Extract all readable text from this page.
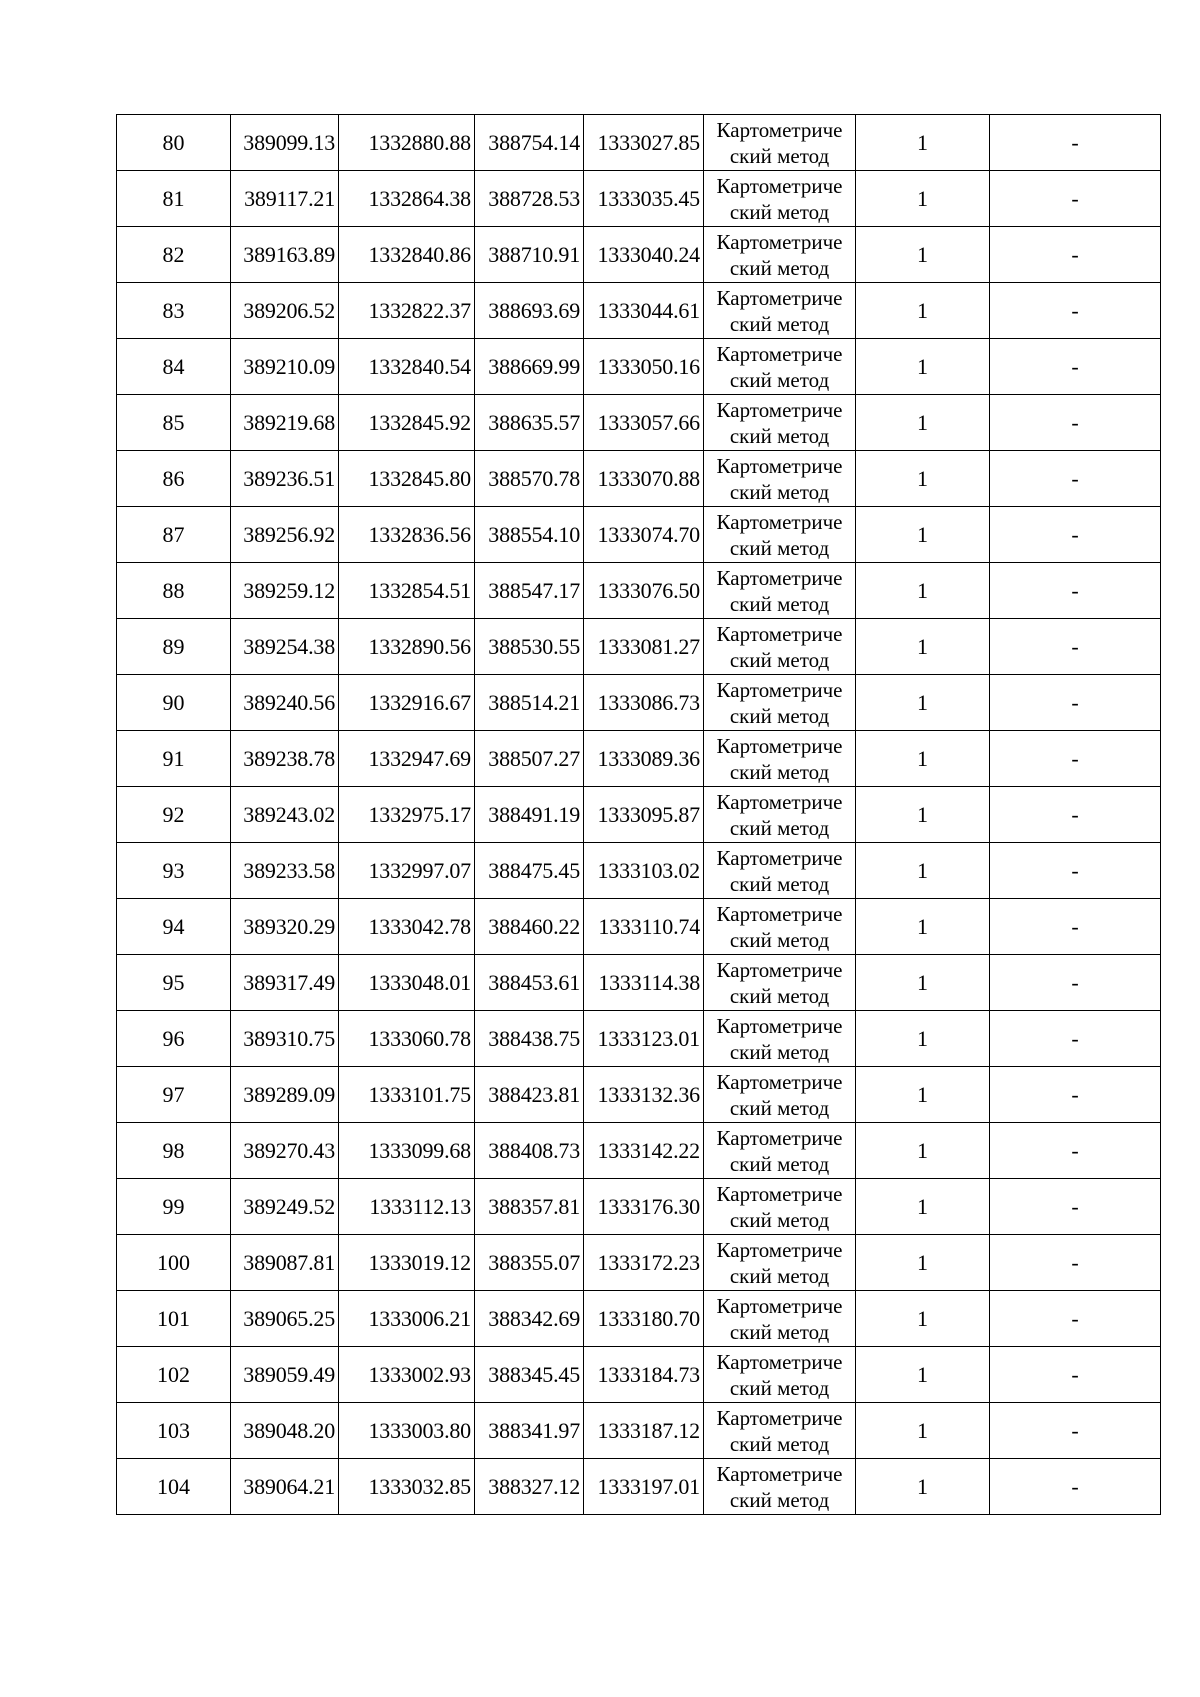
80	389099.13	1332880.88	388754.14	1333027.85	Картометриче
ский метод	1	-
81	389117.21	1332864.38	388728.53	1333035.45	Картометриче
ский метод	1	-
82	389163.89	1332840.86	388710.91	1333040.24	Картометриче
ский метод	1	-
83	389206.52	1332822.37	388693.69	1333044.61	Картометриче
ский метод	1	-
84	389210.09	1332840.54	388669.99	1333050.16	Картометриче
ский метод	1	-
85	389219.68	1332845.92	388635.57	1333057.66	Картометриче
ский метод	1	-
86	389236.51	1332845.80	388570.78	1333070.88	Картометриче
ский метод	1	-
87	389256.92	1332836.56	388554.10	1333074.70	Картометриче
ский метод	1	-
88	389259.12	1332854.51	388547.17	1333076.50	Картометриче
ский метод	1	-
89	389254.38	1332890.56	388530.55	1333081.27	Картометриче
ский метод	1	-
90	389240.56	1332916.67	388514.21	1333086.73	Картометриче
ский метод	1	-
91	389238.78	1332947.69	388507.27	1333089.36	Картометриче
ский метод	1	-
92	389243.02	1332975.17	388491.19	1333095.87	Картометриче
ский метод	1	-
93	389233.58	1332997.07	388475.45	1333103.02	Картометриче
ский метод	1	-
94	389320.29	1333042.78	388460.22	1333110.74	Картометриче
ский метод	1	-
95	389317.49	1333048.01	388453.61	1333114.38	Картометриче
ский метод	1	-
96	389310.75	1333060.78	388438.75	1333123.01	Картометриче
ский метод	1	-
97	389289.09	1333101.75	388423.81	1333132.36	Картометриче
ский метод	1	-
98	389270.43	1333099.68	388408.73	1333142.22	Картометриче
ский метод	1	-
99	389249.52	1333112.13	388357.81	1333176.30	Картометриче
ский метод	1	-
100	389087.81	1333019.12	388355.07	1333172.23	Картометриче
ский метод	1	-
101	389065.25	1333006.21	388342.69	1333180.70	Картометриче
ский метод	1	-
102	389059.49	1333002.93	388345.45	1333184.73	Картометриче
ский метод	1	-
103	389048.20	1333003.80	388341.97	1333187.12	Картометриче
ский метод	1	-
104	389064.21	1333032.85	388327.12	1333197.01	Картометриче
ский метод	1	-
